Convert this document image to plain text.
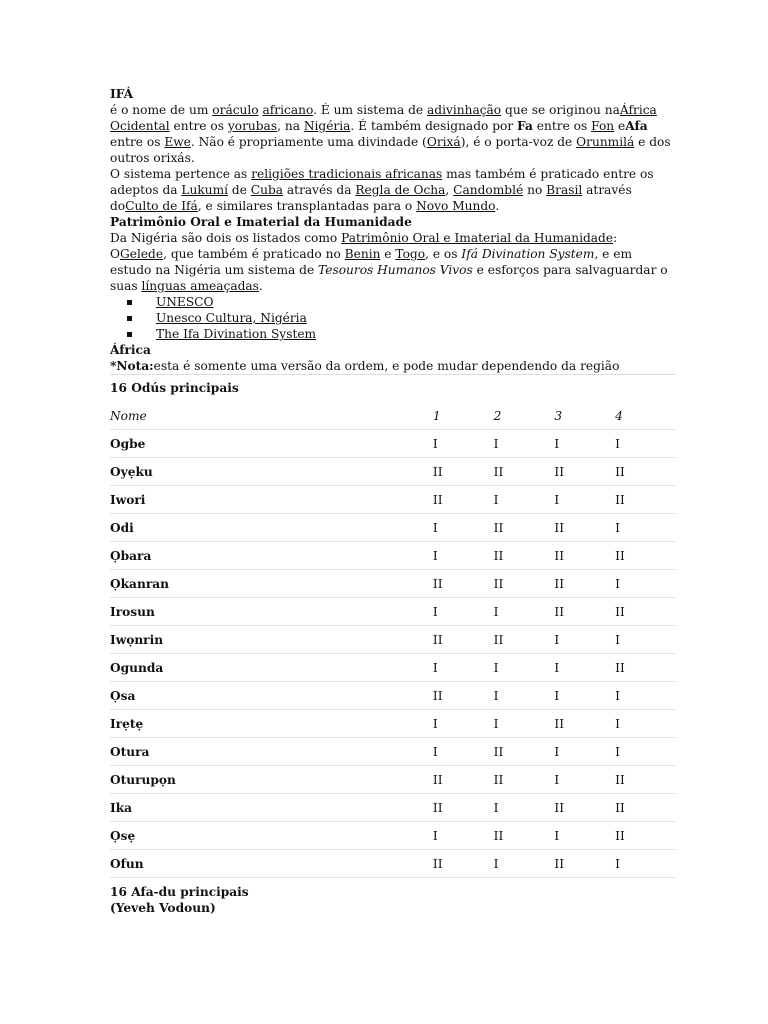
IFÁ

é o nome de um oráculo africano. É um sistema de adivinhação que se originou naÁfrica Ocidental entre os yorubas, na Nigéria. É também designado por Fa entre os Fon eAfa entre os Ewe. Não é propriamente uma divindade (Orixá), é o porta-voz de Orunmilá e dos outros orixás.

O sistema pertence as religiões tradicionais africanas mas também é praticado entre os adeptos da Lukumí de Cuba através da Regla de Ocha, Candomblé no Brasil através doCulto de Ifá, e similares transplantadas para o Novo Mundo.

Patrimônio Oral e Imaterial da Humanidade

Da Nigéria são dois os listados como Patrimônio Oral e Imaterial da Humanidade: OGelede, que também é praticado no Benin e Togo, e os Ifá Divination System, e em estudo na Nigéria um sistema de Tesouros Humanos Vivos e esforços para salvaguardar o suas línguas ameaçadas.

UNESCO
Unesco Cultura, Nigéria
The Ifa Divination System

África

*Nota:esta é somente uma versão da ordem, e pode mudar dependendo da região

16 Odús principais
Nome	1	2	3	4
Ogbe	I	I	I	I
Oyẹku	II	II	II	II
Iwori	II	I	I	II
Odi	I	II	II	I
Ọbara	I	II	II	II
Ọkanran	II	II	II	I
Irosun	I	I	II	II
Iwọnrin	II	II	I	I
Ogunda	I	I	I	II
Ọsa	II	I	I	I
Irẹtẹ	I	I	II	I
Otura	I	II	I	I
Oturupọn	II	II	I	II
Ika	II	I	II	II
Ọsẹ	I	II	I	II
Ofun	II	I	II	I

16 Afa-du principais

(Yeveh Vodoun)
